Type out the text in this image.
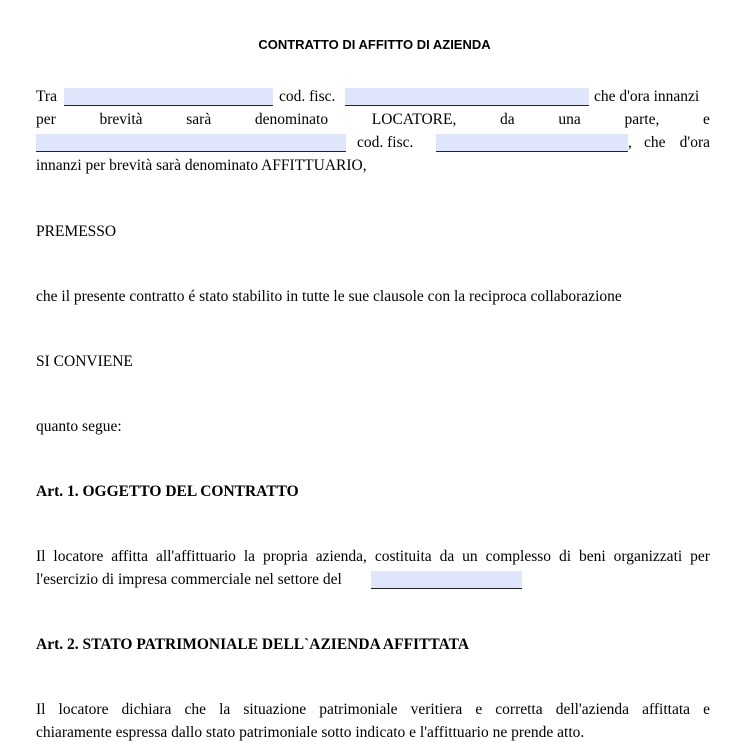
CONTRATTO DI AFFITTO DI AZIENDA
Tra	cod. fisc.	che d'ora innanzi
per	brevità	sarà	denominato	LOCATORE,	da	una	parte,	e
cod. fisc.	, che d'ora
innanzi per brevità sarà denominato AFFITTUARIO,
PREMESSO
che il presente contratto é stato stabilito in tutte le sue clausole con la reciproca collaborazione
SI CONVIENE
quanto segue:
Art. 1. OGGETTO DEL CONTRATTO
Il locatore affitta all'affittuario la propria azienda, costituita da un complesso di beni organizzati per
l'esercizio di impresa commerciale nel settore del
Art. 2. STATO PATRIMONIALE DELL`AZIENDA AFFITTATA
Il locatore dichiara che la situazione patrimoniale veritiera e corretta dell'azienda affittata e
chiaramente espressa dallo stato patrimoniale sotto indicato e l'affittuario ne prende atto.
